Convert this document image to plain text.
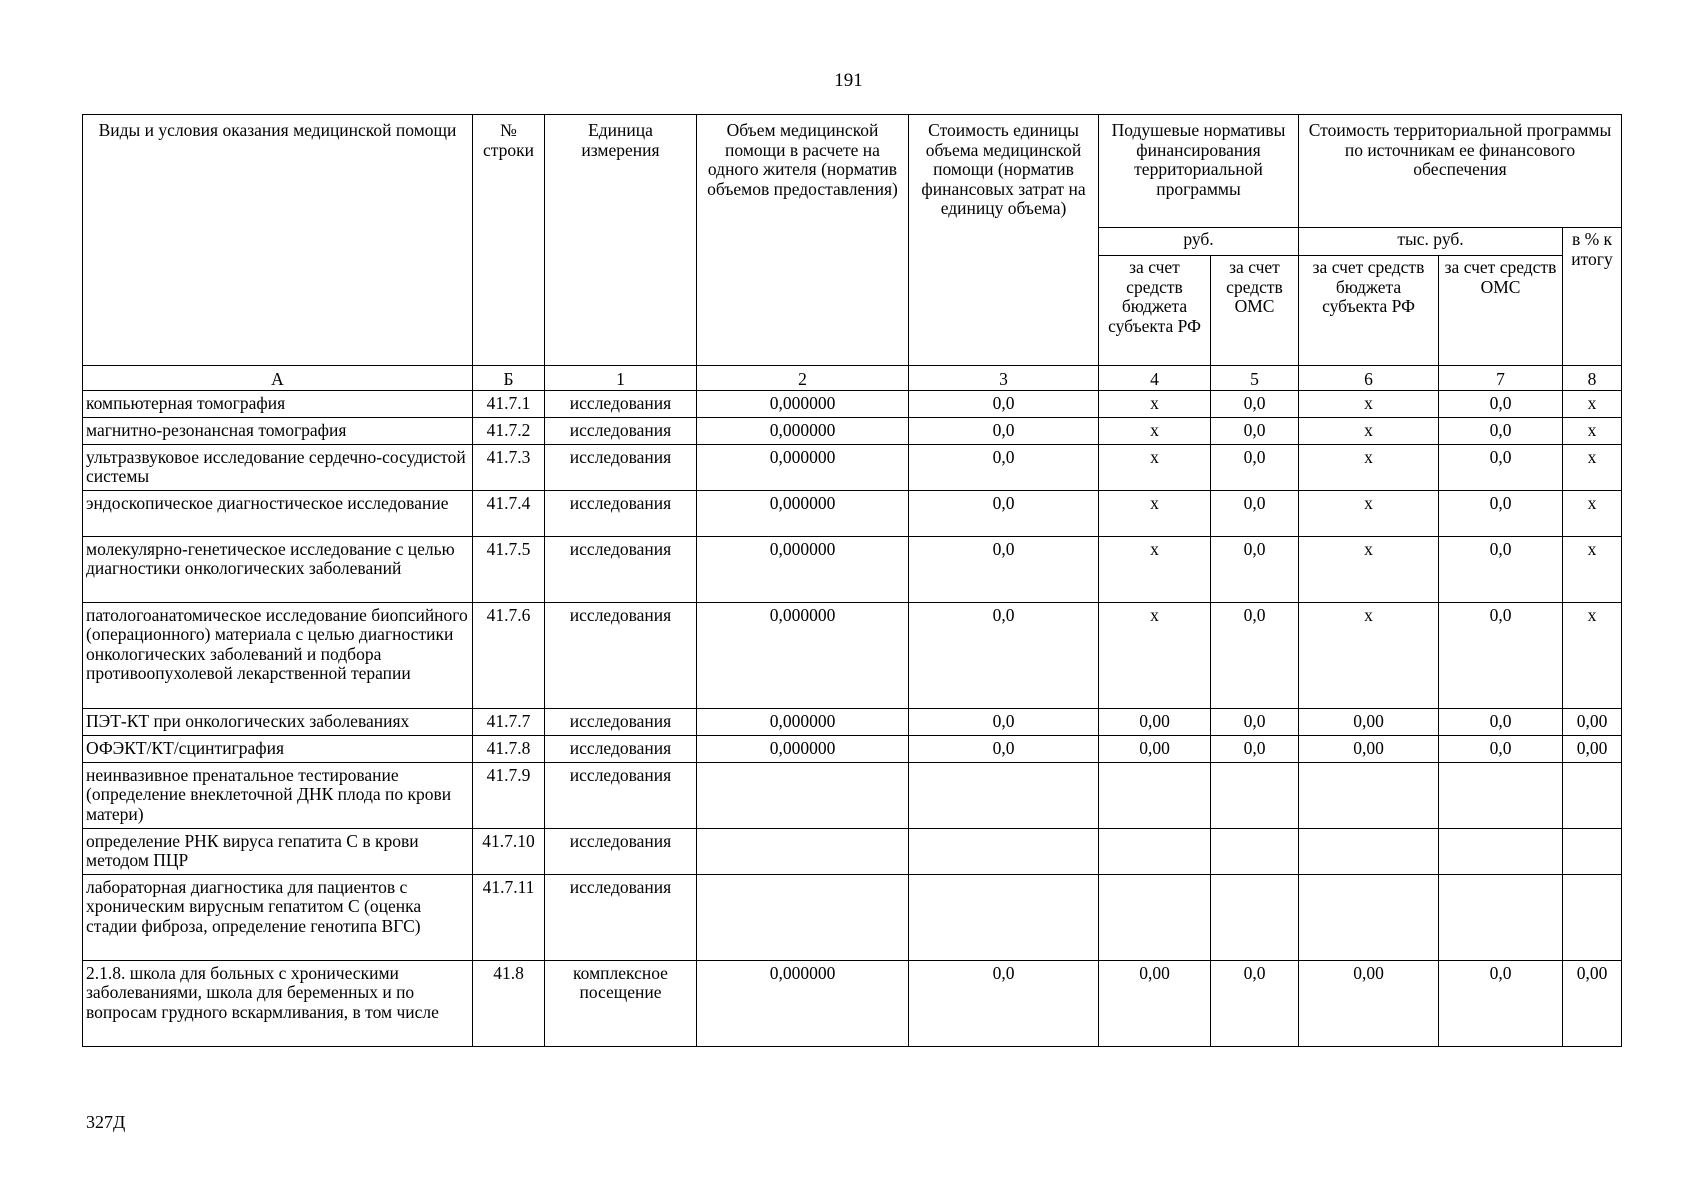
191
Виды и условия оказания медицинской помощи	№ строки	Единица измерения	Объем медицинской помощи в расчете на одного жителя (норматив объемов предоставления)	Стоимость единицы объема медицинской помощи (норматив финансовых затрат на единицу объема)	Подушевые нормативы финансирования территориальной программы		Стоимость территориальной программы по источникам ее финансового обеспечения		
					руб.		тыс. руб.		в % к итогу
					за счет средств бюджета субъекта РФ	за счет средств ОМС	за счет средств бюджета субъекта РФ	за счет средств ОМС	
А	Б	1	2	3	4	5	6	7	8
компьютерная томография	41.7.1	исследования	0,000000	0,0	х	0,0	х	0,0	х
магнитно-резонансная томография	41.7.2	исследования	0,000000	0,0	х	0,0	х	0,0	х
ультразвуковое исследование сердечно-сосудистой системы	41.7.3	исследования	0,000000	0,0	х	0,0	х	0,0	х
эндоскопическое диагностическое исследование	41.7.4	исследования	0,000000	0,0	х	0,0	х	0,0	х
молекулярно-генетическое исследование с целью диагностики онкологических заболеваний	41.7.5	исследования	0,000000	0,0	х	0,0	х	0,0	х
патологоанатомическое исследование биопсийного (операционного) материала с целью диагностики онкологических заболеваний и подбора противоопухолевой лекарственной терапии	41.7.6	исследования	0,000000	0,0	х	0,0	х	0,0	х
ПЭТ-КТ при онкологических заболеваниях	41.7.7	исследования	0,000000	0,0	0,00	0,0	0,00	0,0	0,00
ОФЭКТ/КТ/сцинтиграфия	41.7.8	исследования	0,000000	0,0	0,00	0,0	0,00	0,0	0,00
неинвазивное пренатальное тестирование (определение внеклеточной ДНК плода по крови матери)	41.7.9	исследования							
определение РНК вируса гепатита С в крови методом ПЦР	41.7.10	исследования							
лабораторная диагностика для пациентов с хроническим вирусным гепатитом С (оценка стадии фиброза, определение генотипа ВГС)	41.7.11	исследования							
2.1.8. школа для больных с хроническими заболеваниями, школа для беременных и по вопросам грудного вскармливания, в том числе	41.8	комплексное посещение	0,000000	0,0	0,00	0,0	0,00	0,0	0,00
327Д
